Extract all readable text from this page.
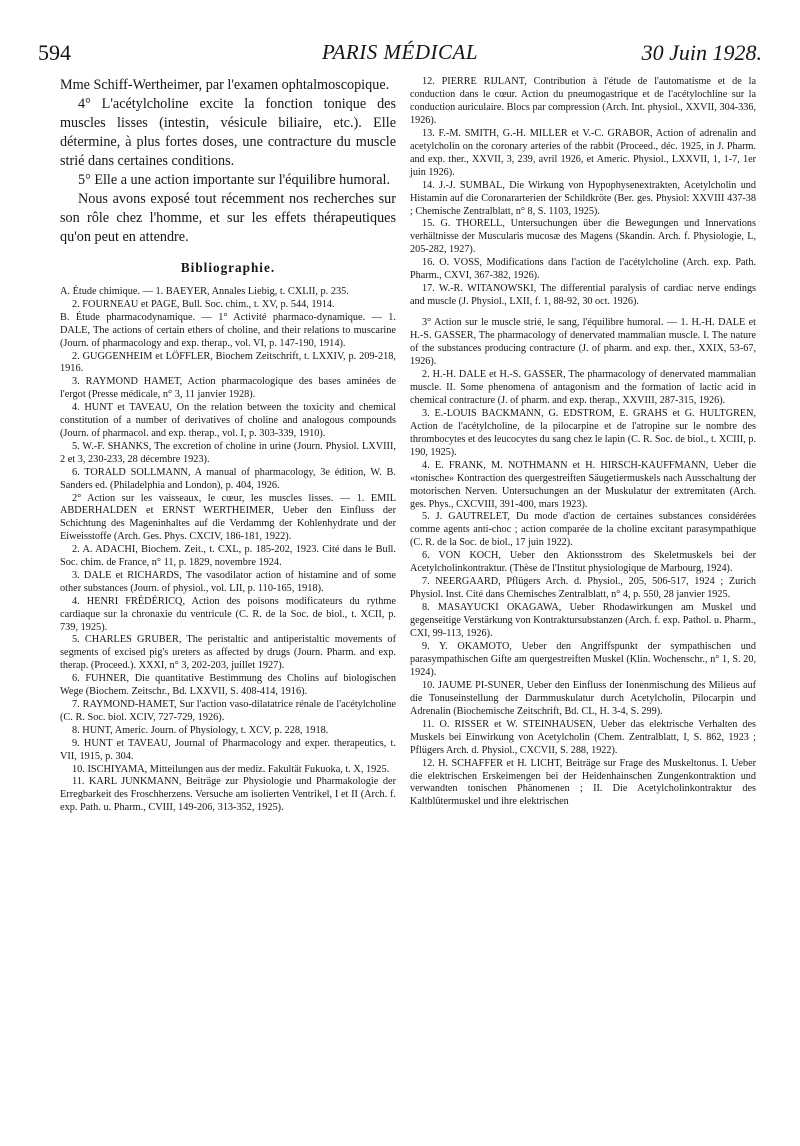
594	PARIS MÉDICAL	30 Juin 1928.

Mme Schiff-Wertheimer, par l'examen ophtalmoscopique.

4° L'acétylcholine excite la fonction tonique des muscles lisses (intestin, vésicule biliaire, etc.). Elle détermine, à plus fortes doses, une contracture du muscle strié dans certaines conditions.

5° Elle a une action importante sur l'équilibre humoral.

Nous avons exposé tout récemment nos recherches sur son rôle chez l'homme, et sur les effets thérapeutiques qu'on peut en attendre.

Bibliographie.

A. Étude chimique. — 1. BAEYER, Annales Liebig, t. CXLII, p. 235.

2. FOURNEAU et PAGE, Bull. Soc. chim., t. XV, p. 544, 1914.

B. Étude pharmacodynamique. — 1° Activité pharmaco-dynamique. — 1. DALE, The actions of certain ethers of choline, and their relations to muscarine (Journ. of pharmacology and exp. therap., vol. VI, p. 147-190, 1914).

2. GUGGENHEIM et LÖFFLER, Biochem Zeitschrift, t. LXXIV, p. 209-218, 1916.

3. RAYMOND HAMET, Action pharmacologique des bases aminées de l'ergot (Presse médicale, n° 3, 11 janvier 1928).

4. HUNT et TAVEAU, On the relation between the toxicity and chemical constitution of a number of derivatives of choline and analogous compounds (Journ. of pharmacol. and exp. therap., vol. I, p. 303-339, 1910).

5. W.-F. SHANKS, The excretion of choline in urine (Journ. Physiol. LXVIII, 2 et 3, 230-233, 28 décembre 1923).

6. TORALD SOLLMANN, A manual of pharmacology, 3e édition, W. B. Sanders ed. (Philadelphia and London), p. 404, 1926.

2° Action sur les vaisseaux, le cœur, les muscles lisses. — 1. EMIL ABDERHALDEN et ERNST WERTHEIMER, Ueber den Einfluss der Schichtung des Mageninhaltes auf die Verdammg der Kohlenhydrate und der Eiweisstoffe (Arch. Ges. Phys. CXCIV, 186-181, 1922).

2. A. ADACHI, Biochem. Zeit., t. CXL, p. 185-202, 1923. Cité dans le Bull. Soc. chim. de France, n° 11, p. 1829, novembre 1924.

3. DALE et RICHARDS, The vasodilator action of histamine and of some other substances (Journ. of physiol., vol. LII, p. 110-165, 1918).

4. HENRI FRÉDÉRICQ, Action des poisons modificateurs du rythme cardiaque sur la chronaxie du ventricule (C. R. de la Soc. de biol., t. XCII, p. 739, 1925).

5. CHARLES GRUBER, The peristaltic and antiperistaltic movements of segments of excised pig's ureters as affected by drugs (Journ. Pharm. and exp. therap. (Proceed.). XXXI, n° 3, 202-203, juillet 1927).

6. FUHNER, Die quantitative Bestimmung des Cholins auf biologischen Wege (Biochem. Zeitschr., Bd. LXXVII, S. 408-414, 1916).

7. RAYMOND-HAMET, Sur l'action vaso-dilatatrice rénale de l'acétylcholine (C. R. Soc. biol. XCIV, 727-729, 1926).

8. HUNT, Americ. Journ. of Physiology, t. XCV, p. 228, 1918.

9. HUNT et TAVEAU, Journal of Pharmacology and exper. therapeutics, t. VII, 1915, p. 304.

10. ISCHIYAMA, Mitteilungen aus der mediz. Fakultät Fukuoka, t. X, 1925.

11. KARL JUNKMANN, Beiträge zur Physiologie und Pharmakologie der Erregbarkeit des Froschherzens. Versuche am isolierten Ventrikel, I et II (Arch. f. exp. Path. u. Pharm., CVIII, 149-206, 313-352, 1925).

12. PIERRE RIJLANT, Contribution à l'étude de l'automatisme et de la conduction dans le cœur. Action du pneumogastrique et de l'acétylochline sur la conduction auriculaire. Blocs par compression (Arch. Int. physiol., XXVII, 304-336, 1926).

13. F.-M. SMITH, G.-H. MILLER et V.-C. GRABOR, Action of adrenalin and acetylcholin on the coronary arteries of the rabbit (Proceed., déc. 1925, in J. Pharm. and exp. ther., XXVII, 3, 239, avril 1926, et Americ. Physiol., LXXVII, 1, 1-7, 1er juin 1926).

14. J.-J. SUMBAL, Die Wirkung von Hypophysenextrakten, Acetylcholin und Histamin auf die Coronararterien der Schildkröte (Ber. ges. Physiol: XXVIII 437-38 ; Chemische Zentralblatt, n° 8, S. 1103, 1925).

15. G. THORELL, Untersuchungen über die Bewegungen und Innervations verhältnisse der Muscularis mucosæ des Magens (Skandin. Arch. f. Physiologie, L, 205-282, 1927).

16. O. VOSS, Modifications dans l'action de l'acétylcholine (Arch. exp. Path. Pharm., CXVI, 367-382, 1926).

17. W.-R. WITANOWSKI, The differential paralysis of cardiac nerve endings and muscle (J. Physiol., LXII, f. 1, 88-92, 30 oct. 1926).

3° Action sur le muscle strié, le sang, l'équilibre humoral. — 1. H.-H. DALE et H.-S. GASSER, The pharmacology of denervated mammalian muscle. I. The nature of the substances producing contracture (J. of pharm. and exp. ther., XXIX, 53-67, 1926).

2. H.-H. DALE et H.-S. GASSER, The pharmacology of denervated mammalian muscle. II. Some phenomena of antagonism and the formation of lactic acid in chemical contracture (J. of pharm. and exp. therap., XXVIII, 287-315, 1926).

3. E.-LOUIS BACKMANN, G. EDSTROM, E. GRAHS et G. HULTGREN, Action de l'acétylcholine, de la pilocarpine et de l'atropine sur le nombre des thrombocytes et des leucocytes du sang chez le lapin (C. R. Soc. de biol., t. XCIII, p. 190, 1925).

4. E. FRANK, M. NOTHMANN et H. HIRSCH-KAUFFMANN, Ueber die «tonische» Kontraction des quergestreiften Säugetiermuskels nach Ausschaltung der motorischen Nerven. Untersuchungen an der Muskulatur der extremitaten (Arch. ges. Phys., CXCVIII, 391-400, mars 1923).

5. J. GAUTRELET, Du mode d'action de certaines substances considérées comme agents anti-choc ; action comparée de la choline excitant parasympathique (C. R. de la Soc. de biol., 17 juin 1922).

6. VON KOCH, Ueber den Aktionsstrom des Skeletmuskels bei der Acetylcholinkontraktur. (Thèse de l'Institut physiologique de Marbourg, 1924).

7. NEERGAARD, Pflügers Arch. d. Physiol., 205, 506-517, 1924 ; Zurich Physiol. Inst. Cité dans Chemisches Zentralblatt, n° 4, p. 550, 28 janvier 1925.

8. MASAYUCKI OKAGAWA, Ueber Rhodawirkungen am Muskel und gegenseitige Verstärkung von Kontraktursubstanzen (Arch. f. exp. Pathol. u. Pharm., CXI, 99-113, 1926).

9. Y. OKAMOTO, Ueber den Angriffspunkt der sympathischen und parasympathischen Gifte am quergestreiften Muskel (Klin. Wochenschr., n° 1, S. 20, 1924).

10. JAUME PI-SUNER, Ueber den Einfluss der Ionenmischung des Milieus auf die Tonuseinstellung der Darmmuskulatur durch Acetylcholin, Pilocarpin und Adrenalin (Biochemische Zeitschrift, Bd. CL, H. 3-4, S. 299).

11. O. RISSER et W. STEINHAUSEN, Ueber das elektrische Verhalten des Muskels bei Einwirkung von Acetylcholin (Chem. Zentralblatt, I, S. 862, 1923 ; Pflügers Arch. d. Physiol., CXCVII, S. 288, 1922).

12. H. SCHAFFER et H. LICHT, Beiträge sur Frage des Muskeltonus. I. Ueber die elektrischen Erskeimengen bei der Heidenhainschen Zungenkontraktion und verwandten tonischen Phänomenen ; II. Die Acetylcholinkontraktur des Kaltblütermuskel und ihre elektrischen
